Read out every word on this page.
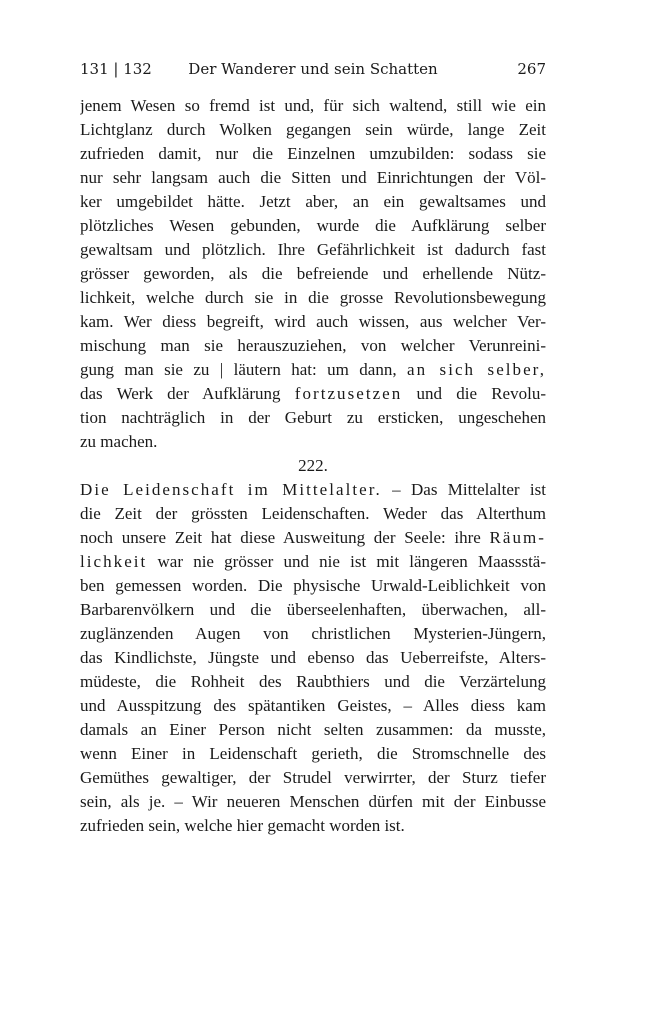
131 | 132	Der Wanderer und sein Schatten	267
jenem Wesen so fremd ist und, für sich waltend, still wie ein
Lichtglanz durch Wolken gegangen sein würde, lange Zeit
zufrieden damit, nur die Einzelnen umzubilden: sodass sie
nur sehr langsam auch die Sitten und Einrichtungen der Völ-
ker umgebildet hätte. Jetzt aber, an ein gewaltsames und
plötzliches Wesen gebunden, wurde die Aufklärung selber
gewaltsam und plötzlich. Ihre Gefährlichkeit ist dadurch fast
grösser geworden, als die befreiende und erhellende Nütz-
lichkeit, welche durch sie in die grosse Revolutionsbewegung
kam. Wer diess begreift, wird auch wissen, aus welcher Ver-
mischung man sie herauszuziehen, von welcher Verunreini-
gung man sie zu | läutern hat: um dann, an sich selber,
das Werk der Aufklärung fortzusetzen und die Revolu-
tion nachträglich in der Geburt zu ersticken, ungeschehen
zu machen.
222.
Die Leidenschaft im Mittelalter. – Das Mittelalter ist
die Zeit der grössten Leidenschaften. Weder das Alterthum
noch unsere Zeit hat diese Ausweitung der Seele: ihre Räum-
lichkeit war nie grösser und nie ist mit längeren Maassstä-
ben gemessen worden. Die physische Urwald-Leiblichkeit von
Barbarenvölkern und die überseelenhaften, überwachen, all-
zuglänzenden Augen von christlichen Mysterien-Jüngern,
das Kindlichste, Jüngste und ebenso das Ueberreifste, Alters-
müdeste, die Rohheit des Raubthiers und die Verzärtelung
und Ausspitzung des spätantiken Geistes, – Alles diess kam
damals an Einer Person nicht selten zusammen: da musste,
wenn Einer in Leidenschaft gerieth, die Stromschnelle des
Gemüthes gewaltiger, der Strudel verwirrter, der Sturz tiefer
sein, als je. – Wir neueren Menschen dürfen mit der Einbusse
zufrieden sein, welche hier gemacht worden ist.
